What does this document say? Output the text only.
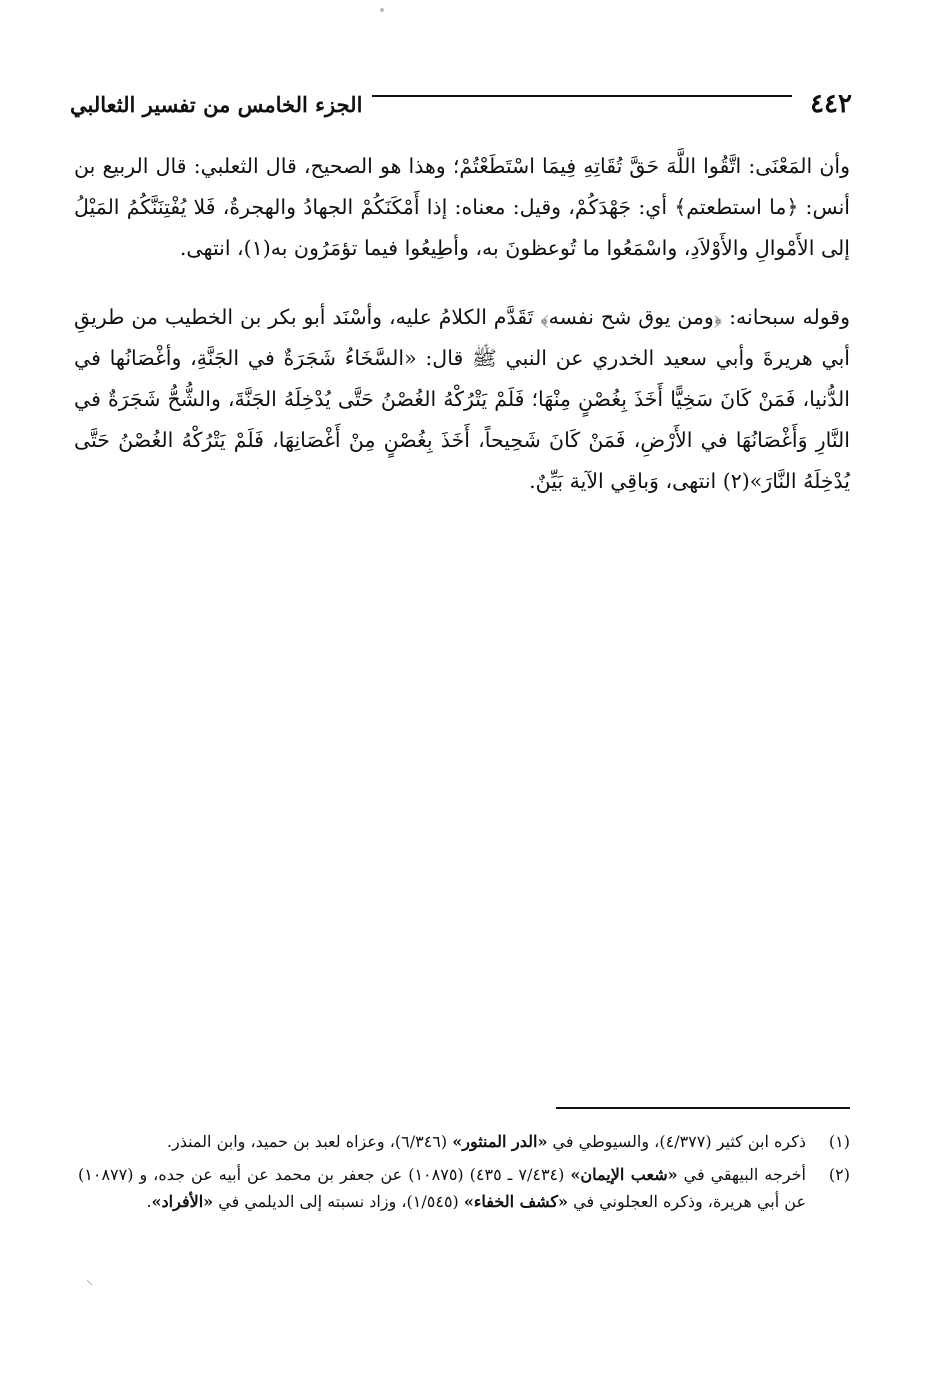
٤٤٢
الجزء الخامس من تفسير الثعالبي

وأن المَعْنَى: اتَّقُوا اللَّهَ حَقَّ تُقَاتِهِ فِيمَا اسْتَطَعْتُمْ؛ وهذا هو الصحيح، قال الثعلبي: قال الربيع بن أنس: ﴿ما استطعتم﴾ أي: جَهْدَكُمْ، وقيل: معناه: إذا أَمْكَنَكُمْ الجهادُ والهجرةُ، فَلا يُفْتِنَنَّكُمُ المَيْلُ إلى الأَمْوالِ والأَوْلاَدِ، واسْمَعُوا ما تُوعظونَ به، وأطِيعُوا فيما تؤمَرُون به(١)، انتهى.

وقوله سبحانه: ﴿ومن يوق شح نفسه﴾ تَقَدَّم الكلامُ عليه، وأسْنَد أبو بكر بن الخطيب من طريقِ أبي هريرةَ وأبي سعيد الخدري عن النبي ﷺ قال: «السَّخَاءُ شَجَرَةٌ في الجَنَّةِ، وأغْصَانُها في الدُّنيا، فَمَنْ كَانَ سَخِيًّا أَخَذَ بِغُصْنٍ مِنْهَا؛ فَلَمْ يَتْرُكْهُ الغُصْنُ حَتَّى يُدْخِلَهُ الجَنَّةَ، والشُّحُّ شَجَرَةٌ في النَّارِ وَأَغْصَانُهَا في الأَرْضِ، فَمَنْ كَانَ شَحِيحاً، أَخَذَ بِغُصْنٍ مِنْ أَغْصَانِهَا، فَلَمْ يَتْرُكْهُ الغُصْنُ حَتَّى يُدْخِلَهُ النَّارَ»(٢) انتهى، وَباقِي الآية بَيِّنٌ.

(١)
ذكره ابن كثير (٤/٣٧٧)، والسيوطي في «الدر المنثور» (٦/٣٤٦)، وعزاه لعبد بن حميد، وابن المنذر.
(٢)
أخرجه البيهقي في «شعب الإيمان» (٧/٤٣٤ ـ ٤٣٥) (١٠٨٧٥) عن جعفر بن محمد عن أبيه عن جده، و (١٠٨٧٧) عن أبي هريرة، وذكره العجلوني في «كشف الخفاء» (١/٥٤٥)، وزاد نسبته إلى الديلمي في «الأفراد».
⸜
